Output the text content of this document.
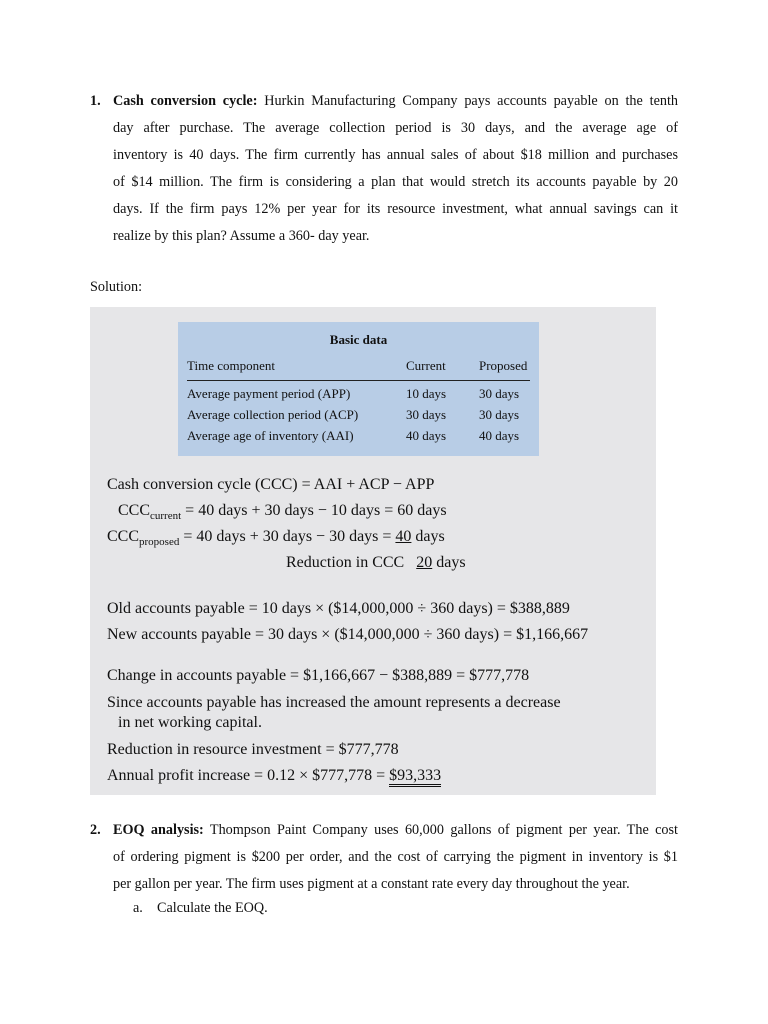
1. Cash conversion cycle: Hurkin Manufacturing Company pays accounts payable on the tenth
day after purchase. The average collection period is 30 days, and the average age of
inventory is 40 days. The firm currently has annual sales of about $18 million and purchases
of $14 million. The firm is considering a plan that would stretch its accounts payable by 20
days. If the firm pays 12% per year for its resource investment, what annual savings can it
realize by this plan? Assume a 360- day year.
Solution:
Basic data
Time component	Current	Proposed
Average payment period (APP)	10 days	30 days
Average collection period (ACP)	30 days	30 days
Average age of inventory (AAI)	40 days	40 days
Cash conversion cycle (CCC) = AAI + ACP − APP
$CCC_{current} = 40$ days + 30 days − 10 days = 60 days
$CCC_{proposed} = 40$ days + 30 days − 30 days = 40 days
Reduction in CCC 20 days
Old accounts payable = 10 days × ($14,000,000 ÷ 360 days) = $388,889
New accounts payable = 30 days × ($14,000,000 ÷ 360 days) = $1,166,667
Change in accounts payable = $1,166,667 − $388,889 = $777,778
Since accounts payable has increased the amount represents a decrease
in net working capital.
Reduction in resource investment = $777,778
Annual profit increase = 0.12 × $777,778 = $93,333
2. EOQ analysis: Thompson Paint Company uses 60,000 gallons of pigment per year. The cost
of ordering pigment is $200 per order, and the cost of carrying the pigment in inventory is $1
per gallon per year. The firm uses pigment at a constant rate every day throughout the year.
a. Calculate the EOQ.
